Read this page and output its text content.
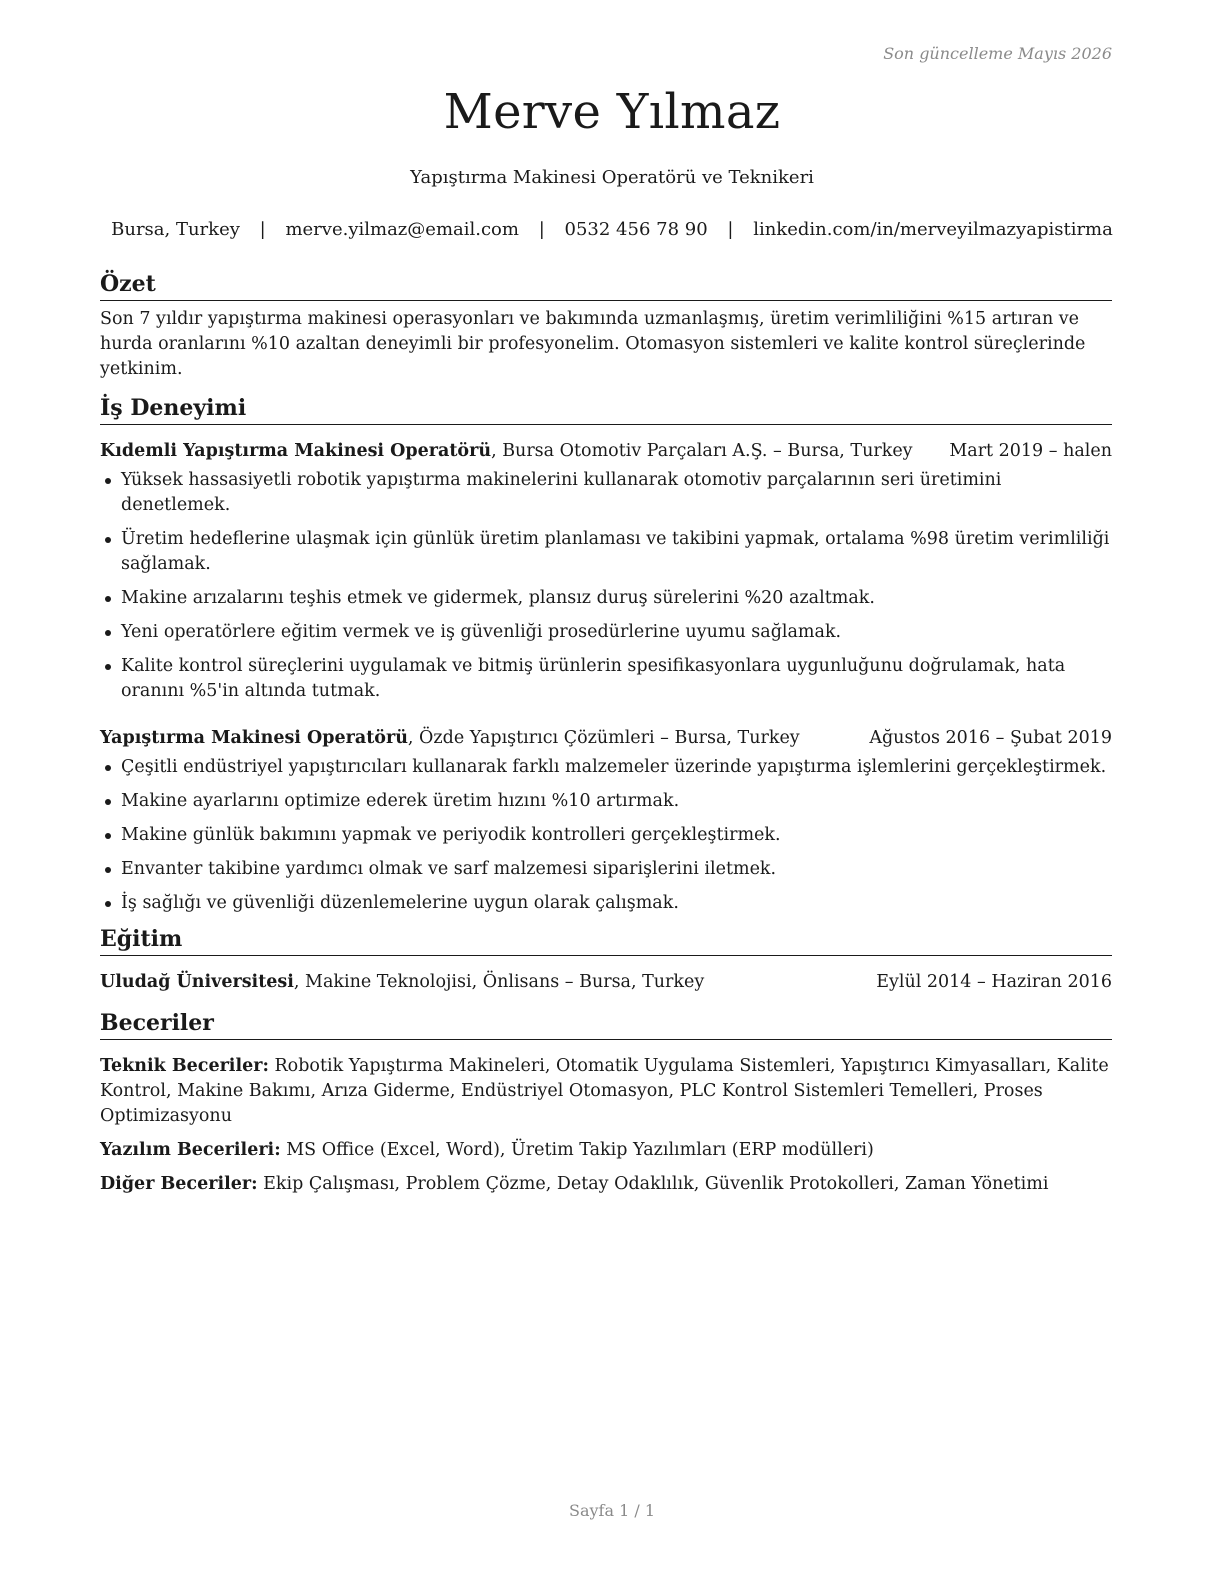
Son güncelleme Mayıs 2026
Merve Yılmaz
Yapıştırma Makinesi Operatörü ve Teknikeri
Bursa, Turkey | merve.yilmaz@email.com | 0532 456 78 90 | linkedin.com/in/merveyilmazyapistirma
Özet
Son 7 yıldır yapıştırma makinesi operasyonları ve bakımında uzmanlaşmış, üretim verimliliğini %15 artıran ve hurda oranlarını %10 azaltan deneyimli bir profesyonelim. Otomasyon sistemleri ve kalite kontrol süreçlerinde yetkinim.
İş Deneyimi
Kıdemli Yapıştırma Makinesi Operatörü, Bursa Otomotiv Parçaları A.Ş. – Bursa, Turkey Mart 2019 – halen
Yüksek hassasiyetli robotik yapıştırma makinelerini kullanarak otomotiv parçalarının seri üretimini denetlemek.
Üretim hedeflerine ulaşmak için günlük üretim planlaması ve takibini yapmak, ortalama %98 üretim verimliliği sağlamak.
Makine arızalarını teşhis etmek ve gidermek, plansız duruş sürelerini %20 azaltmak.
Yeni operatörlere eğitim vermek ve iş güvenliği prosedürlerine uyumu sağlamak.
Kalite kontrol süreçlerini uygulamak ve bitmiş ürünlerin spesifikasyonlara uygunluğunu doğrulamak, hata oranını %5'in altında tutmak.
Yapıştırma Makinesi Operatörü, Özde Yapıştırıcı Çözümleri – Bursa, Turkey	Ağustos 2016 – Şubat 2019
Çeşitli endüstriyel yapıştırıcıları kullanarak farklı malzemeler üzerinde yapıştırma işlemlerini gerçekleştirmek.
Makine ayarlarını optimize ederek üretim hızını %10 artırmak.
Makine günlük bakımını yapmak ve periyodik kontrolleri gerçekleştirmek.
Envanter takibine yardımcı olmak ve sarf malzemesi siparişlerini iletmek.
İş sağlığı ve güvenliği düzenlemelerine uygun olarak çalışmak.
Eğitim
Uludağ Üniversitesi, Makine Teknolojisi, Önlisans – Bursa, Turkey	Eylül 2014 – Haziran 2016
Beceriler
Teknik Beceriler: Robotik Yapıştırma Makineleri, Otomatik Uygulama Sistemleri, Yapıştırıcı Kimyasalları, Kalite Kontrol, Makine Bakımı, Arıza Giderme, Endüstriyel Otomasyon, PLC Kontrol Sistemleri Temelleri, Proses Optimizasyonu
Yazılım Becerileri: MS Office (Excel, Word), Üretim Takip Yazılımları (ERP modülleri)
Diğer Beceriler: Ekip Çalışması, Problem Çözme, Detay Odaklılık, Güvenlik Protokolleri, Zaman Yönetimi
Sayfa 1 / 1
